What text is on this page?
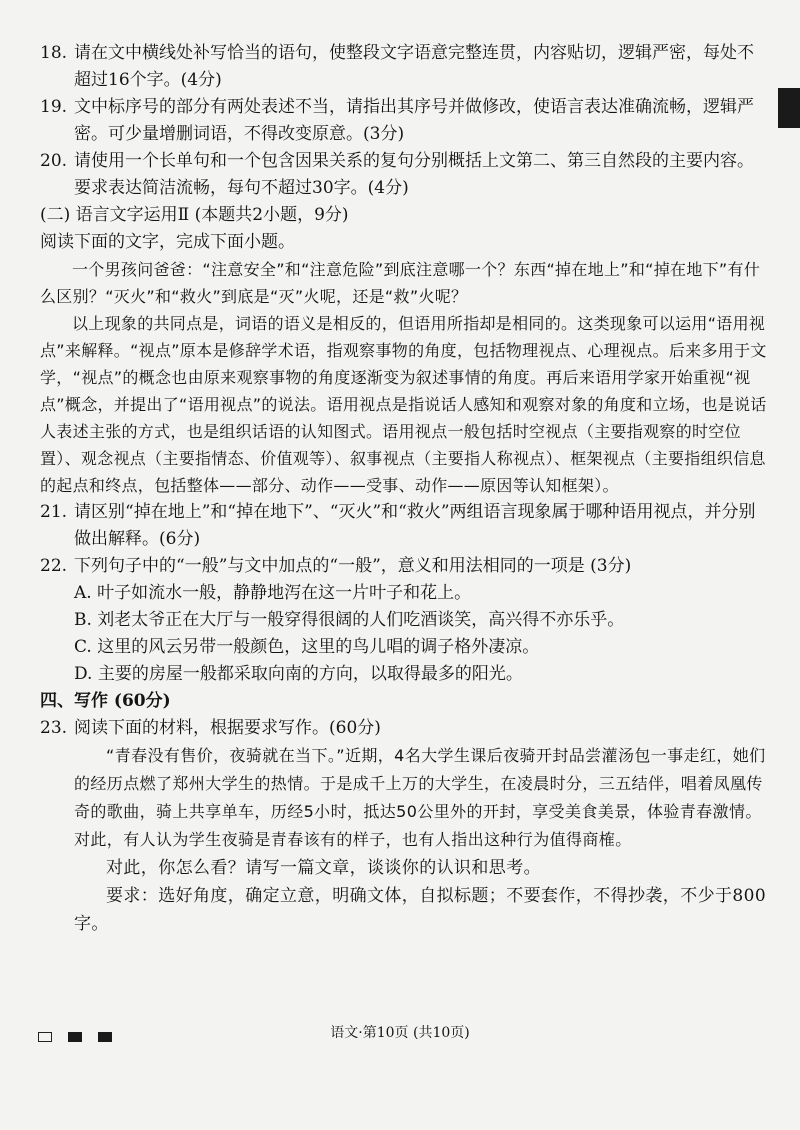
18. 请在文中横线处补写恰当的语句，使整段文字语意完整连贯，内容贴切，逻辑严密，每处不超过16个字。(4分)
19. 文中标序号的部分有两处表述不当，请指出其序号并做修改，使语言表达准确流畅，逻辑严密。可少量增删词语，不得改变原意。(3分)
20. 请使用一个长单句和一个包含因果关系的复句分别概括上文第二、第三自然段的主要内容。要求表达简洁流畅，每句不超过30字。(4分)

(二) 语言文字运用Ⅱ (本题共2小题，9分)

阅读下面的文字，完成下面小题。

一个男孩问爸爸：“注意安全”和“注意危险”到底注意哪一个？东西“掉在地上”和“掉在地下”有什么区别？“灭火”和“救火”到底是“灭”火呢，还是“救”火呢？

以上现象的共同点是，词语的语义是相反的，但语用所指却是相同的。这类现象可以运用“语用视点”来解释。“视点”原本是修辞学术语，指观察事物的角度，包括物理视点、心理视点。后来多用于文学，“视点”的概念也由原来观察事物的角度逐渐变为叙述事情的角度。再后来语用学家开始重视“视点”概念，并提出了“语用视点”的说法。语用视点是指说话人感知和观察对象的角度和立场，也是说话人表述主张的方式，也是组织话语的认知图式。语用视点一般包括时空视点（主要指观察的时空位置）、观念视点（主要指情态、价值观等）、叙事视点（主要指人称视点）、框架视点（主要指组织信息的起点和终点，包括整体——部分、动作——受事、动作——原因等认知框架）。

21. 请区别“掉在地上”和“掉在地下”、“灭火”和“救火”两组语言现象属于哪种语用视点，并分别做出解释。(6分)
22. 下列句子中的“一般”与文中加点的“一般”，意义和用法相同的一项是 (3分)

A. 叶子如流水一般，静静地泻在这一片叶子和花上。

B. 刘老太爷正在大厅与一般穿得很阔的人们吃酒谈笑，高兴得不亦乐乎。

C. 这里的风云另带一般颜色，这里的鸟儿唱的调子格外凄凉。

D. 主要的房屋一般都采取向南的方向，以取得最多的阳光。

四、写作 (60分)

23. 阅读下面的材料，根据要求写作。(60分)

“青春没有售价，夜骑就在当下。”近期，4名大学生课后夜骑开封品尝灌汤包一事走红，她们的经历点燃了郑州大学生的热情。于是成千上万的大学生，在凌晨时分，三五结伴，唱着凤凰传奇的歌曲，骑上共享单车，历经5小时，抵达50公里外的开封，享受美食美景，体验青春激情。对此，有人认为学生夜骑是青春该有的样子，也有人指出这种行为值得商榷。

对此，你怎么看？请写一篇文章，谈谈你的认识和思考。

要求：选好角度，确定立意，明确文体，自拟标题；不要套作，不得抄袭，不少于800字。

语文·第10页 (共10页)
